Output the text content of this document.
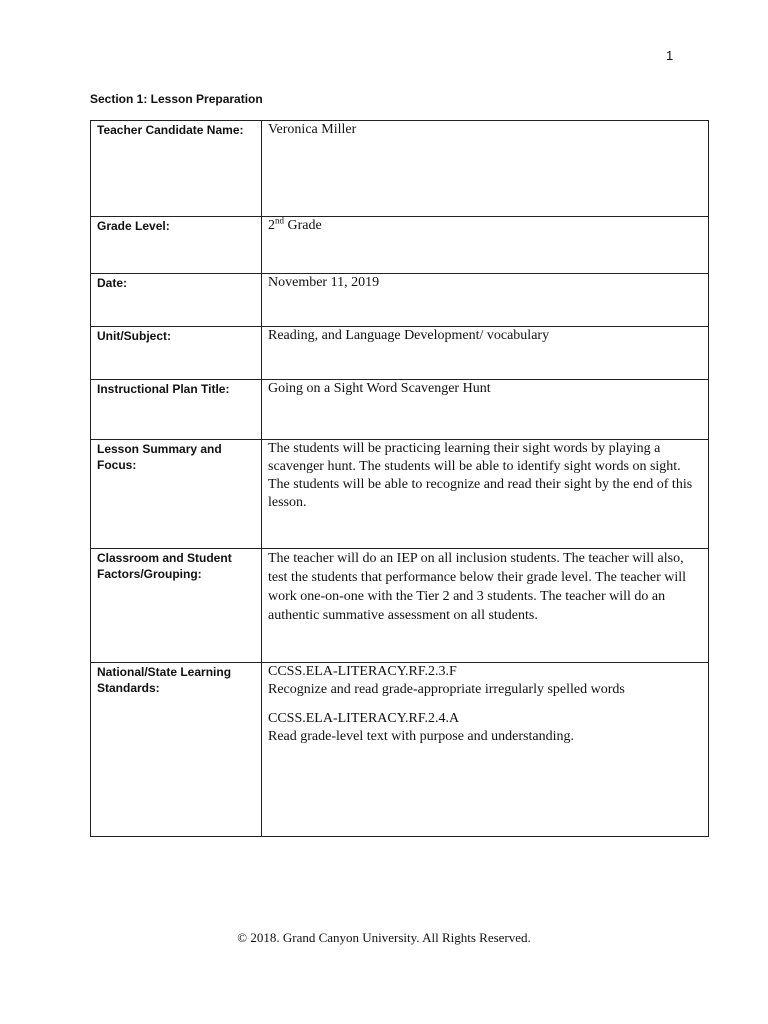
1
Section 1: Lesson Preparation
Teacher Candidate Name:	Veronica Miller

Grade Level:	2nd Grade

Date:	November 11, 2019

Unit/Subject:	Reading, and Language Development/ vocabulary

Instructional Plan Title:	Going on a Sight Word Scavenger Hunt

Lesson Summary and Focus:	The students will be practicing learning their sight words by playing a scavenger hunt. The students will be able to identify sight words on sight. The students will be able to recognize and read their sight by the end of this lesson.

Classroom and Student Factors/Grouping:	The teacher will do an IEP on all inclusion students. The teacher will also, test the students that performance below their grade level. The teacher will work one-on-one with the Tier 2 and 3 students. The teacher will do an authentic summative assessment on all students.

National/State Learning Standards:	CCSS.ELA-LITERACY.RF.2.3.F
Recognize and read grade-appropriate irregularly spelled words
CCSS.ELA-LITERACY.RF.2.4.A
Read grade-level text with purpose and understanding.
© 2018. Grand Canyon University. All Rights Reserved.
